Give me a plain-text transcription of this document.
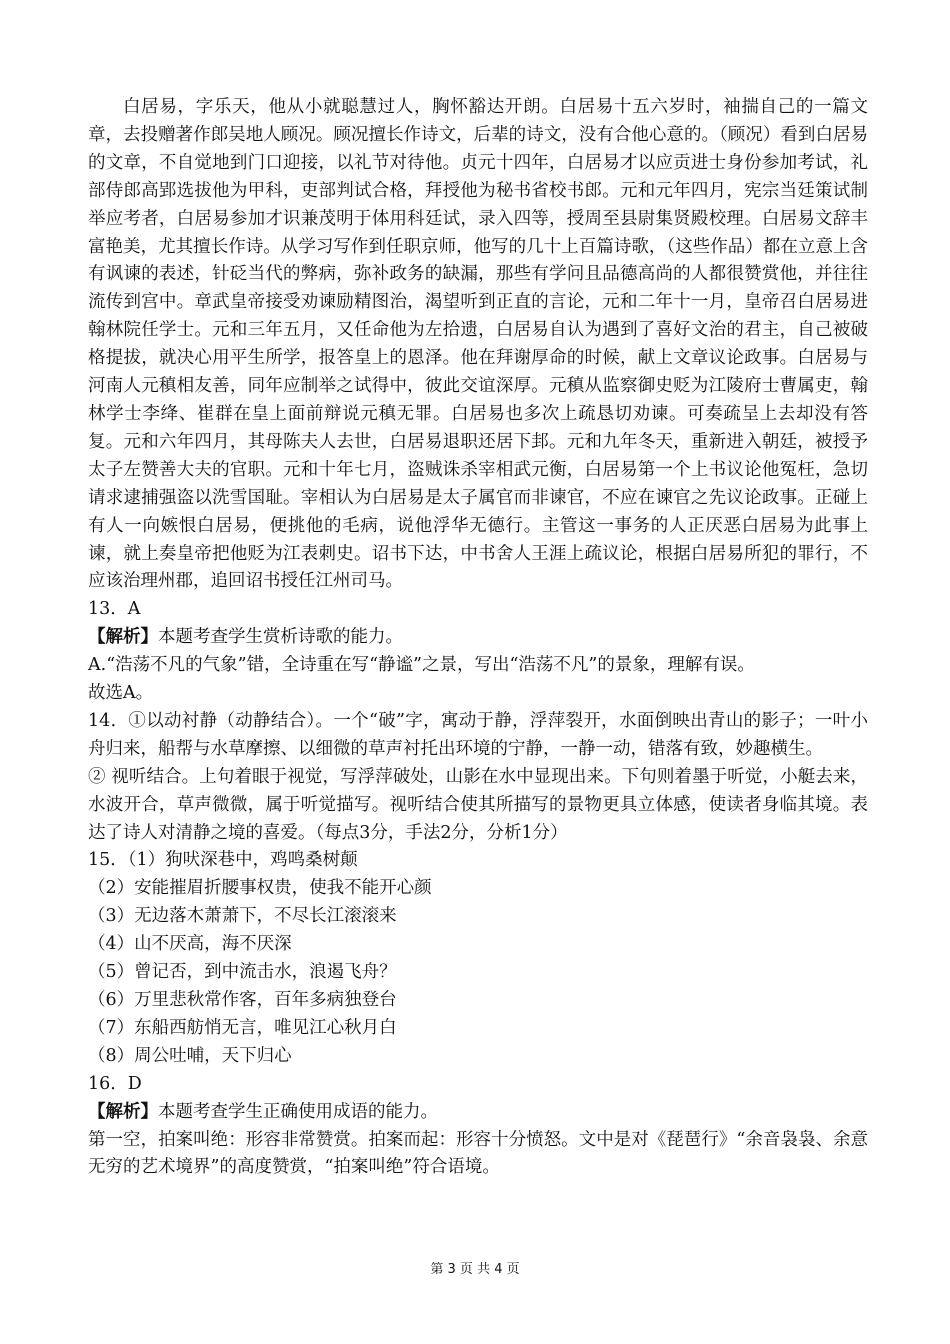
白居易，字乐天，他从小就聪慧过人，胸怀豁达开朗。白居易十五六岁时，袖揣自己的一篇文章，去投赠著作郎吴地人顾况。顾况擅长作诗文，后辈的诗文，没有合他心意的。（顾况）看到白居易的文章，不自觉地到门口迎接，以礼节对待他。贞元十四年，白居易才以应贡进士身份参加考试，礼部侍郎高郢选拔他为甲科，吏部判试合格，拜授他为秘书省校书郎。元和元年四月，宪宗当廷策试制举应考者，白居易参加才识兼茂明于体用科廷试，录入四等，授周至县尉集贤殿校理。白居易文辞丰富艳美，尤其擅长作诗。从学习写作到任职京师，他写的几十上百篇诗歌，（这些作品）都在立意上含有讽谏的表述，针砭当代的弊病，弥补政务的缺漏，那些有学问且品德高尚的人都很赞赏他，并往往流传到宫中。章武皇帝接受劝谏励精图治，渴望听到正直的言论，元和二年十一月，皇帝召白居易进翰林院任学士。元和三年五月，又任命他为左拾遗，白居易自认为遇到了喜好文治的君主，自己被破格提拔，就决心用平生所学，报答皇上的恩泽。他在拜谢厚命的时候，献上文章议论政事。白居易与河南人元稹相友善，同年应制举之试得中，彼此交谊深厚。元稹从监察御史贬为江陵府士曹属吏，翰林学士李绛、崔群在皇上面前辩说元稹无罪。白居易也多次上疏恳切劝谏。可奏疏呈上去却没有答复。元和六年四月，其母陈夫人去世，白居易退职还居下邽。元和九年冬天，重新进入朝廷，被授予太子左赞善大夫的官职。元和十年七月，盗贼诛杀宰相武元衡，白居易第一个上书议论他冤枉，急切请求逮捕强盗以洗雪国耻。宰相认为白居易是太子属官而非谏官，不应在谏官之先议论政事。正碰上有人一向嫉恨白居易，便挑他的毛病，说他浮华无德行。主管这一事务的人正厌恶白居易为此事上谏，就上奏皇帝把他贬为江表刺史。诏书下达，中书舍人王涯上疏议论，根据白居易所犯的罪行，不应该治理州郡，追回诏书授任江州司马。

13．A

【解析】本题考查学生赏析诗歌的能力。

A.“浩荡不凡的气象”错，全诗重在写“静谧”之景，写出“浩荡不凡”的景象，理解有误。

故选A。

14．①以动衬静（动静结合）。一个“破”字，寓动于静，浮萍裂开，水面倒映出青山的影子；一叶小舟归来，船帮与水草摩擦、以细微的草声衬托出环境的宁静，一静一动，错落有致，妙趣横生。

② 视听结合。上句着眼于视觉，写浮萍破处，山影在水中显现出来。下句则着墨于听觉，小艇去来，水波开合，草声微微，属于听觉描写。视听结合使其所描写的景物更具立体感，使读者身临其境。表达了诗人对清静之境的喜爱。（每点3分，手法2分，分析1分）

15．（1）狗吠深巷中，鸡鸣桑树颠

（2）安能摧眉折腰事权贵，使我不能开心颜

（3）无边落木萧萧下，不尽长江滚滚来

（4）山不厌高，海不厌深

（5）曾记否，到中流击水，浪遏飞舟？

（6）万里悲秋常作客，百年多病独登台

（7）东船西舫悄无言，唯见江心秋月白

（8）周公吐哺，天下归心

16．D

【解析】本题考查学生正确使用成语的能力。

第一空，拍案叫绝：形容非常赞赏。拍案而起：形容十分愤怒。文中是对《琵琶行》“余音袅袅、余意无穷的艺术境界”的高度赞赏，“拍案叫绝”符合语境。

第 3 页 共 4 页
